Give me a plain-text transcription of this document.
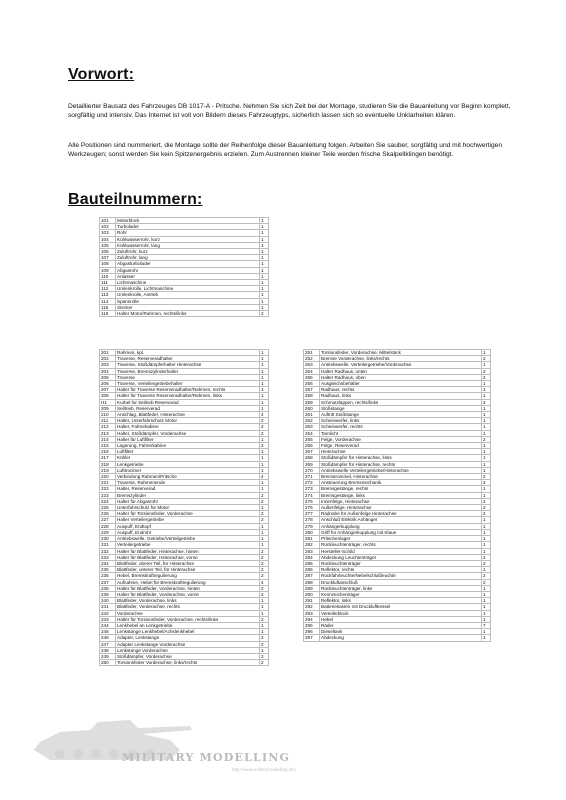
Vorwort:

Detaillierter Bausatz des Fahrzeuges DB 1017-A - Pritsche. Nehmen Sie sich Zeit bei der Montage, studieren Sie die Bauanleitung vor Beginn komplett, sorgfältig und intensiv. Das Internet ist voll von Bildern dieses Fahrzeugtyps, sicherlich lassen sich so eventuelle Unklarheiten klären.

Alle Positionen sind nummeriert, die Montage sollte der Reihenfolge dieser Bauanleitung folgen. Arbeiten Sie sauber, sorgfältig und mit hochwertigen Werkzeugen; sonst werden Sie kein Spitzenergebnis erzielen. Zum Austrennen kleiner Teile werden frische Skalpellklingen benötigt.

Bauteilnummern:
101	Motorblock	1
102	Turbolader	1
103	Rohr	1
104	Kühlwasserrohr, kurz	1
105	Kühlwasserrohr, lang	1
106	Zuluftrohr, kurz	1
107	Zuluftrohr, lang	1
108	Abgasturbolader	1
109	Abgasrohr	1
110	Anlasser	1
111	Lichtmaschine	1
112	Umlenkrolle, Lichtmaschine	1
113	Umlenkrolle, Antrieb	1
114	Spannrolle	1
115	Stecker	1
116	Halter Motor/Rahmen, rechts/links	2
201	Rahmen, kpl.	1
202	Traverse, Reserveradhalter	1
203	Traverse, Stoßdämpferhalter Hinterachse	1
204	Traverse, Bremszylinderhalter	1
205	Traverse	1
206	Traverse, Verteilergetriebehalter	1
207	Halter für Traverse Reserveradhalter/Rahmen, rechts	1
208	Halter für Traverse Reserveradhalter/Rahmen, links	1
H1	Kurbel für Seilrieb Reserverad	1
209	Seiltrieb, Reserverad	1
210	Anschlag, Blattfeder, Hinterachse	4
211	Halter, Unterfahrschutz Motor	2
212	Halter, Fahrerkabine	2
213	Halter, Stoßdämpfer, Vorderachse	2
214	Halter für Luftfilter	1
215	Lagerung, Fahrerkabine	2
216	Luftfilter	1
217	Kühler	1
218	Lenkgetriebe	1
219	Lufttrockner	1
220	Verbindung Rahmen/Pritsche	4
221	Traverse, Rahmenende	1
222	Halter, Reserverad	1
223	Bremszylinder	2
224	Halter für Abgasrohr	2
225	Unterfahrschutz für Motor	1
226	Halter für Torsionsfeder, Vorderachse	2
227	Halter Verteilergetriebe	2
228	Auspuff, Endtopf	1
229	Auspuff, Endrohr	1
230	Antriebswelle, Getriebe/Verteilgetriebe	1
231	Verteilergetriebe	1
232	Halter für Blattfeder, Hinterachse, hinten	2
233	Halter für Blattfeder, Hinterachse, vorne	2
234	Blattfeder, oberer Teil, für Hinterachse	2
235	Blattfeder, unterer Teil, für Hinterachse	2
236	Hebel, Bremskraftregulierung	2
237	Aufnahme, Hebel für Bremskraftregulierung	4
238	Halter für Blattfeder, Vorderachse, hinten	2
239	Halter für Blattfeder, Vorderachse, vorne	2
240	Blattfeder, Vorderachse, links	1
241	Blattfeder, Vorderachse, rechts	1
242	Vorderachse	1
243	Halter für Torsionsfeder, Vorderachse, rechts/links	2
244	Lenkhebel an Lenkgetriebe	1
245	Lenkstange Lenkhebel/Achslenkhebel	1
246	Adapter, Lenkstange	2
247	Adapter Lenkstange Vorderachse	2
248	Lenkstange Vorderachse	1
249	Stoßdämpfer, Vorderachse	2
250	Torsionsfeder Vorderachse, links/rechts	2
251	Torsionsfeder, Vorderachse, Mittelstück	1
252	Bremse Vorderachse, links/rechts	2
253	Antriebswelle, Verteilergetriebe/Vorderachse	1
254	Halter Radhaus, unten	2
255	Halter Radhaus, oben	2
256	Ausgleichsbehälter	1
257	Radhaus, rechts	1
258	Radhaus, links	1
259	Schmutzlappen, rechts/links	2
260	Stoßstange	1
261	Auftritt Stoßstange	1
262	Scheinwerfer, links	1
263	Scheinwerfer, rechts	1
264	Tarnlicht	1
265	Felge, Vorderachse	2
266	Felge, Reserverad	1
267	Hinterachse	1
268	Stoßdämpfer für Hinterachse, links	1
269	Stoßdämpfer für Hinterachse, rechts	1
270	Antriebswelle Verteilergetriebe/Hinterachse	1
271	Bremstrommel, Hinterachse	2
272	Ansteuerung Bremsmechanik	2
273	Bremsgestänge, rechts	1
274	Bremsgestänge, links	1
275	Innenfelge, Hinterachse	2
276	Außenfelge, Hinterachse	2
277	Radnabe für Außenfelge Hinterachse	2
278	Anschluß Elektrik Anhänger	1
279	Anhängerkupplung	1
280	Griff für Anhängerkupplung mit Klaue	1
281	Pritschenlager	1
282	Rückleuchtenträger, rechts	1
283	Hersteller-Schild	1
284	Abdeckung Leuchtenträger	2
285	Rückleuchtenträger	2
286	Reflektor, rechts	1
287	Rückfahrleuchte/Nebelschlußleuchte	2
288	Druckluftanschluß	2
289	Rückleuchtenträger, links	1
290	Kennzeichenträger	1
291	Reflektor, links	1
292	Batteriekasten mit Druckluftkessel	1
293	Verteilerblock	1
294	Hebel	1
295	Räder	7
296	Dieseltank	1
297	Abdeckung	1
MILITARY MODELLING
http://www.militarymodelling.info
